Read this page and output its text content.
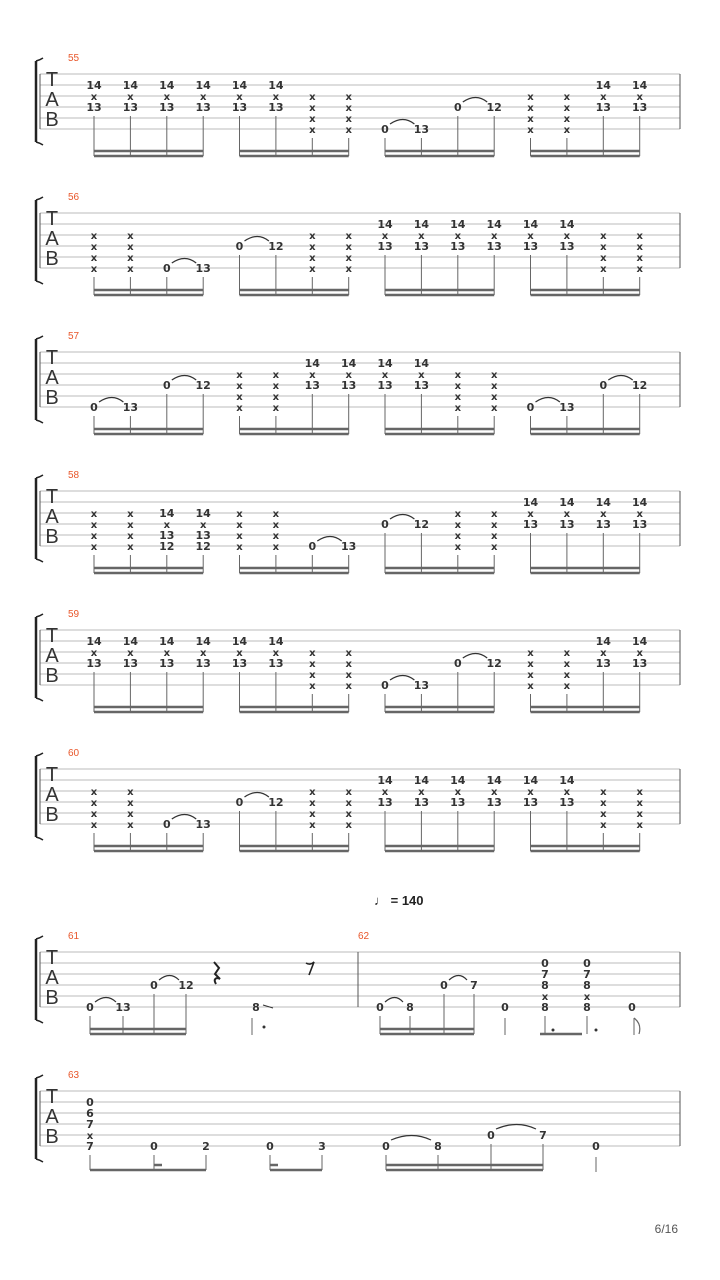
T
A
B
55
14
x
13
14
x
13
14
x
13
14
x
13
14
x
13
14
x
13
x
x
x
x
x
x
x
x	0 13
0 12
x
x
x
x
x
x
x
x
14
x
13
14
x
13
T
A
B
56
x
x
x
x
x
x
x
x	0 13
0 12
x
x
x
x
x
x
x
x
14
x
13
14
x
13
14
x
13
14
x
13
14
x
13
14
x
13
x
x
x
x
x
x
x
x
T
A
B
57
0 13
0 12
x
x
x
x
x
x
x
x
14
x
13
14
x
13
14
x
13
14
x
13
x
x
x
x
x
x
x
x	0 13
0 12
T
A
B
58
x
x
x
x
x
x
x
x
14
x
13
12
14
x
13
12
x
x
x
x
x
x
x
x	0 13
0 12
x
x
x
x
x
x
x
x
14
x
13
14
x
13
14
x
13
14
x
13
T
A
B
59
14
x
13
14
x
13
14
x
13
14
x
13
14
x
13
14
x
13
x
x
x
x
x
x
x
x	0 13
0 12
x
x
x
x
x
x
x
x
14
x
13
14
x
13
T
A
B
60
x
x
x
x
x
x
x
x	0 13
0 12
x
x
x
x
x
x
x
x
14
x
13
14
x
13
14
x
13
14
x
13
14
x
13
14
x
13
x
x
x
x
x
x
x
x
T
A
B
61	62
0 13
0 12
8	0 8
0 7
0
0
7
8
x
8
0
7
8
x
8	0
T
A
B
63
0
6
7
x
7	0	2	0	3	0	8
0	7
0
♩ = 140
6/16
